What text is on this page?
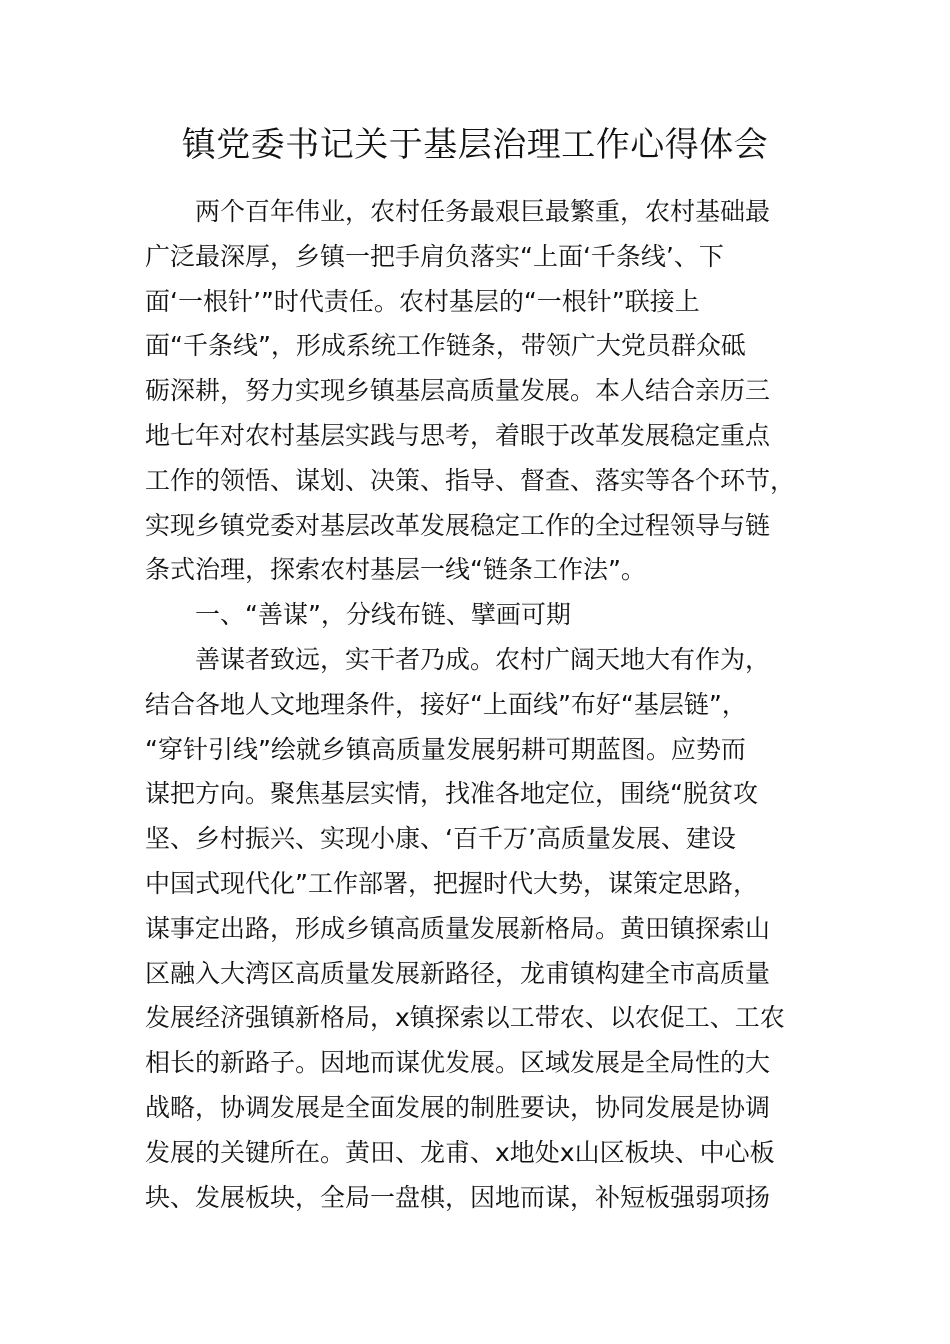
镇党委书记关于基层治理工作心得体会
两个百年伟业，农村任务最艰巨最繁重，农村基础最
广泛最深厚，乡镇一把手肩负落实“上面‘千条线’、下
面‘一根针’”时代责任。农村基层的“一根针”联接上
面“千条线”，形成系统工作链条，带领广大党员群众砥
砺深耕，努力实现乡镇基层高质量发展。本人结合亲历三
地七年对农村基层实践与思考，着眼于改革发展稳定重点
工作的领悟、谋划、决策、指导、督查、落实等各个环节，
实现乡镇党委对基层改革发展稳定工作的全过程领导与链
条式治理，探索农村基层一线“链条工作法”。
一、“善谋”，分线布链、擘画可期
善谋者致远，实干者乃成。农村广阔天地大有作为，
结合各地人文地理条件，接好“上面线”布好“基层链”，
“穿针引线”绘就乡镇高质量发展躬耕可期蓝图。应势而
谋把方向。聚焦基层实情，找准各地定位，围绕“脱贫攻
坚、乡村振兴、实现小康、‘百千万’高质量发展、建设
中国式现代化”工作部署，把握时代大势，谋策定思路，
谋事定出路，形成乡镇高质量发展新格局。黄田镇探索山
区融入大湾区高质量发展新路径，龙甫镇构建全市高质量
发展经济强镇新格局，x镇探索以工带农、以农促工、工农
相长的新路子。因地而谋优发展。区域发展是全局性的大
战略，协调发展是全面发展的制胜要诀，协同发展是协调
发展的关键所在。黄田、龙甫、x地处x山区板块、中心板
块、发展板块，全局一盘棋，因地而谋，补短板强弱项扬
